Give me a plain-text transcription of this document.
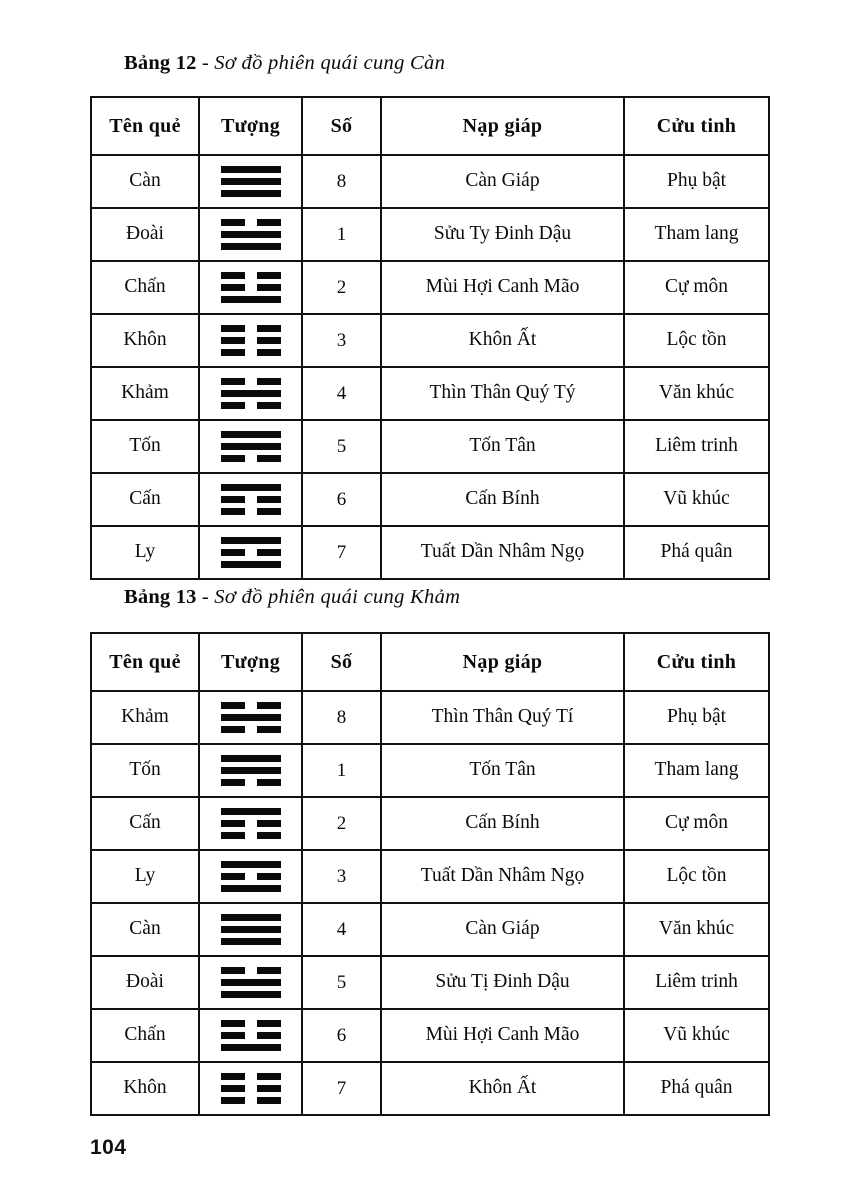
Bảng 12 - Sơ đồ phiên quái cung Càn
Tên quẻ	Tượng	Số	Nạp giáp	Cửu tinh
Càn		8	Càn Giáp	Phụ bật
Đoài		1	Sửu Ty Đinh Dậu	Tham lang
Chấn		2	Mùi Hợi Canh Mão	Cự môn
Khôn		3	Khôn Ất	Lộc tồn
Khảm		4	Thìn Thân Quý Tý	Văn khúc
Tốn		5	Tốn Tân	Liêm trinh
Cấn		6	Cấn Bính	Vũ khúc
Ly		7	Tuất Dần Nhâm Ngọ	Phá quân
Bảng 13 - Sơ đồ phiên quái cung Khảm
Tên quẻ	Tượng	Số	Nạp giáp	Cửu tinh
Khảm		8	Thìn Thân Quý Tí	Phụ bật
Tốn		1	Tốn Tân	Tham lang
Cấn		2	Cấn Bính	Cự môn
Ly		3	Tuất Dần Nhâm Ngọ	Lộc tồn
Càn		4	Càn Giáp	Văn khúc
Đoài		5	Sửu Tị Đinh Dậu	Liêm trinh
Chấn		6	Mùi Hợi Canh Mão	Vũ khúc
Khôn		7	Khôn Ất	Phá quân
104
